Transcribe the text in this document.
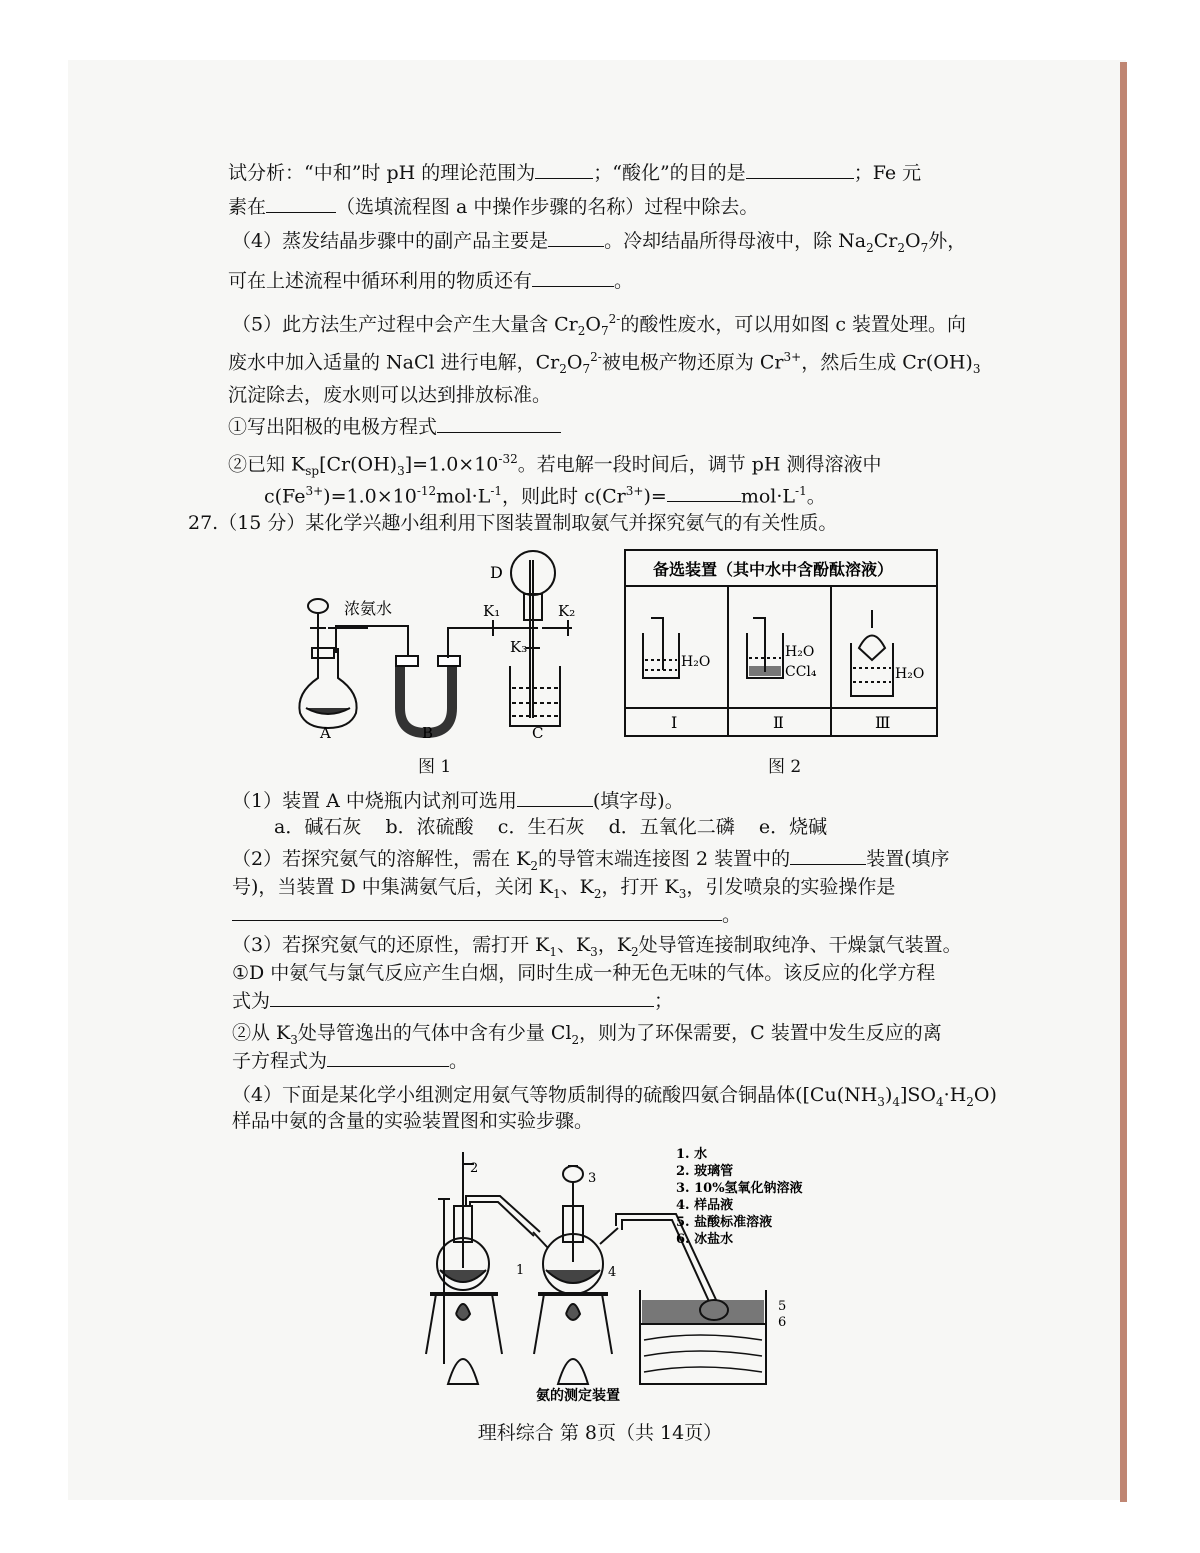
试分析：“中和”时 pH 的理论范围为	；“酸化”的目的是	；Fe 元
素在	（选填流程图 a 中操作步骤的名称）过程中除去。
（4）蒸发结晶步骤中的副产品主要是	。冷却结晶所得母液中，除 $Na_2Cr_2O_7$外，
可在上述流程中循环利用的物质还有	。
（5）此方法生产过程中会产生大量含 $Cr_2O_7^{2-}$的酸性废水，可以用如图 c 装置处理。向
废水中加入适量的 NaCl 进行电解，$Cr_2O_7^{2-}$被电极产物还原为 $Cr^{3+}$，然后生成 $Cr(OH)_3$
沉淀除去，废水则可以达到排放标准。
①写出阳极的电极方程式
②已知 $K_{sp}[Cr(OH)_3]=1.0\times 10^{-32}$。若电解一段时间后，调节 pH 测得溶液中
$c(Fe^{3+})=1.0\times 10^{-12}mol\cdot L^{-1}$，则此时 $c(Cr^{3+})=$	$mol\cdot L^{-1}$。
27.（15 分）某化学兴趣小组利用下图装置制取氨气并探究氨气的有关性质。
D
浓氨水	K₁	K₂
K₃
A	B	C
图 1
备选装置（其中水中含酚酞溶液）
H₂O
H₂O
CCl₄	H₂O
Ⅰ	Ⅱ	Ⅲ
图 2
（1）装置 A 中烧瓶内试剂可选用	(填字母)。
a．碱石灰    b．浓硫酸    c．生石灰    d．五氧化二磷    e．烧碱
（2）若探究氨气的溶解性，需在 $K_2$的导管末端连接图 2 装置中的	装置(填序
号)，当装置 D 中集满氨气后，关闭 $K_1$、$K_2$，打开 $K_3$，引发喷泉的实验操作是
。
（3）若探究氨气的还原性，需打开 $K_1$、$K_3$，$K_2$处导管连接制取纯净、干燥氯气装置。
①D 中氨气与氯气反应产生白烟，同时生成一种无色无味的气体。该反应的化学方程
式为	；
②从 $K_3$处导管逸出的气体中含有少量 $Cl_2$，则为了环保需要，C 装置中发生反应的离
子方程式为	。
（4）下面是某化学小组测定用氨气等物质制得的硫酸四氨合铜晶体$([Cu(NH_3)_4]SO_4\cdot H_2O)$
样品中氨的含量的实验装置图和实验步骤。
2
1
3
4
5
6
1. 水
2. 玻璃管
3. 10%氢氧化钠溶液
4. 样品液
5. 盐酸标准溶液
6. 冰盐水
氨的测定装置
理科综合 第 8页（共 14页）
